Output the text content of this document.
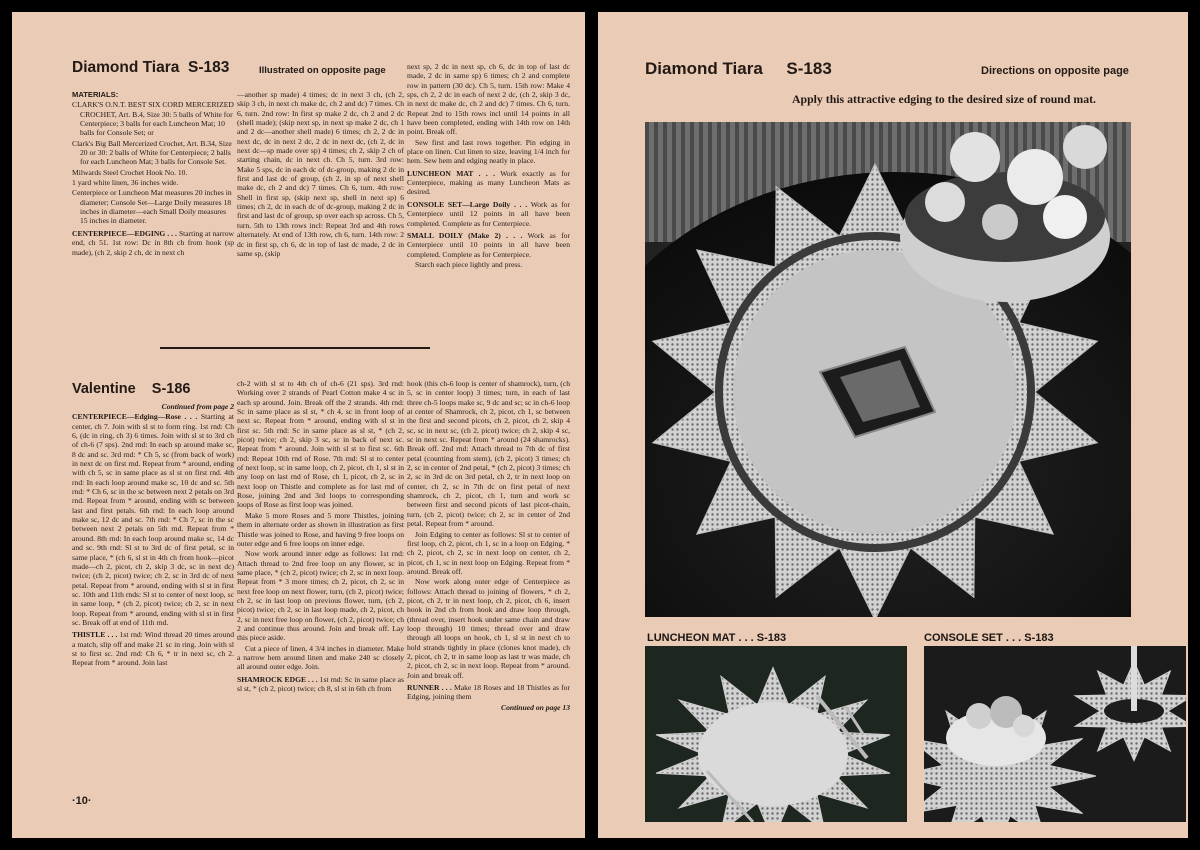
Diamond Tiara S-183	Illustrated on opposite page

MATERIALS:

CLARK'S O.N.T. BEST SIX CORD MERCERIZED CROCHET, Art. B.4, Size 30: 5 balls of White for Centerpiece; 3 balls for each Luncheon Mat; 10 balls for Console Set; or

Clark's Big Ball Mercerized Crochet, Art. B.34, Size 20 or 30: 2 balls of White for Centerpiece; 2 balls for each Luncheon Mat; 3 balls for Console Set.

Milwards Steel Crochet Hook No. 10.

1 yard white linen, 36 inches wide.

Centerpiece or Luncheon Mat measures 20 inches in diameter; Console Set—Large Doily measures 18 inches in diameter—each Small Doily measures 15 inches in diameter.

CENTERPIECE—EDGING . . . Starting at narrow end, ch 51. 1st row: Dc in 8th ch from hook (sp made), (ch 2, skip 2 ch, dc in next ch

—another sp made) 4 times; dc in next 3 ch, (ch 2, skip 3 ch, in next ch make dc, ch 2 and dc) 7 times. Ch 6, turn. 2nd row: In first sp make 2 dc, ch 2 and 2 dc (shell made); (skip next sp, in next sp make 2 dc, ch 1 and 2 dc—another shell made) 6 times; ch 2, 2 dc in next dc, dc in next 2 dc, 2 dc in next dc, (ch 2, dc in next dc—sp made over sp) 4 times; ch 2, skip 2 ch of starting chain, dc in next ch. Ch 5, turn. 3rd row: Make 5 sps, dc in each dc of dc-group, making 2 dc in first and last dc of group, (ch 2, in sp of next shell make dc, ch 2 and dc) 7 times. Ch 6, turn. 4th row: Shell in first sp, (skip next sp, shell in next sp) 6 times; ch 2, dc in each dc of dc-group, making 2 dc in first and last dc of group, sp over each sp across. Ch 5, turn. 5th to 13th rows incl: Repeat 3rd and 4th rows alternately. At end of 13th row, ch 6, turn. 14th row: 2 dc in first sp, ch 6, dc in top of last dc made, 2 dc in same sp, (skip

next sp, 2 dc in next sp, ch 6, dc in top of last dc made, 2 dc in same sp) 6 times; ch 2 and complete row in pattern (30 dc). Ch 5, turn. 15th row: Make 4 sps, ch 2, 2 dc in each of next 2 dc, (ch 2, skip 3 dc, in next dc make dc, ch 2 and dc) 7 times. Ch 6, turn. Repeat 2nd to 15th rows incl until 14 points in all have been completed, ending with 14th row on 14th point. Break off.

Sew first and last rows together. Pin edging in place on linen. Cut linen to size, leaving 1/4 inch for hem. Sew hem and edging neatly in place.

LUNCHEON MAT . . . Work exactly as for Centerpiece, making as many Luncheon Mats as desired.

CONSOLE SET—Large Doily . . . Work as for Centerpiece until 12 points in all have been completed. Complete as for Centerpiece.

SMALL DOILY (Make 2) . . . Work as for Centerpiece until 10 points in all have been completed. Complete as for Centerpiece.

Starch each piece lightly and press.

Valentine S-186

Continued from page 2

CENTERPIECE—Edging—Rose . . . Starting at center, ch 7. Join with sl st to form ring. 1st rnd: Ch 6, (dc in ring, ch 3) 6 times. Join with sl st to 3rd ch of ch-6 (7 sps). 2nd rnd: In each sp around make sc, 8 dc and sc. 3rd rnd: * Ch 5, sc (from back of work) in next dc on first rnd. Repeat from * around, ending with ch 5, sc in same place as sl st on first rnd. 4th rnd: In each loop around make sc, 10 dc and sc. 5th rnd: * Ch 6, sc in the sc between next 2 petals on 3rd rnd. Repeat from * around, ending with sc between last and first petals. 6th rnd: In each loop around make sc, 12 dc and sc. 7th rnd: * Ch 7, sc in the sc between next 2 petals on 5th rnd. Repeat from * around. 8th rnd: In each loop around make sc, 14 dc and sc. 9th rnd: Sl st to 3rd dc of first petal, sc in same place, * (ch 6, sl st in 4th ch from hook—picot made—ch 2, picot, ch 2, skip 3 dc, sc in next dc) twice; (ch 2, picot) twice; ch 2, sc in 3rd dc of next petal. Repeat from * around, ending with sl st in first sc. 10th and 11th rnds: Sl st to center of next loop, sc in same loop, * (ch 2, picot) twice; ch 2, sc in next loop. Repeat from * around, ending with sl st in first sc. Break off at end of 11th rnd.

THISTLE . . . 1st rnd: Wind thread 20 times around a match, slip off and make 21 sc in ring. Join with sl st to first sc. 2nd rnd: Ch 6, * tr in next sc, ch 2. Repeat from * around. Join last

ch-2 with sl st to 4th ch of ch-6 (21 sps). 3rd rnd: Working over 2 strands of Pearl Cotton make 4 sc in each sp around. Join. Break off the 2 strands. 4th rnd: Sc in same place as sl st, * ch 4, sc in front loop of next sc. Repeat from * around, ending with sl st in first sc. 5th rnd: Sc in same place as sl st, * (ch 2, picot) twice; ch 2, skip 3 sc, sc in back of next sc. Repeat from * around. Join with sl st to first sc. 6th rnd: Repeat 10th rnd of Rose. 7th rnd: Sl st to center of next loop, sc in same loop, ch 2, picot, ch 1, sl st in any loop on last rnd of Rose, ch 1, picot, ch 2, sc in next loop on Thistle and complete as for last rnd of Rose, joining 2nd and 3rd loops to corresponding loops of Rose as first loop was joined.

Make 5 more Roses and 5 more Thistles, joining them in alternate order as shown in illustration as first Thistle was joined to Rose, and having 9 free loops on outer edge and 6 free loops on inner edge.

Now work around inner edge as follows: 1st rnd: Attach thread to 2nd free loop on any flower, sc in same place, * (ch 2, picot) twice; ch 2, sc in next loop. Repeat from * 3 more times; ch 2, picot, ch 2, sc in next free loop on next flower, turn, (ch 2, picot) twice; ch 2, sc in last loop on previous flower, turn, (ch 2, picot) twice; ch 2, sc in last loop made, ch 2, picot, ch 2, sc in next free loop on flower, (ch 2, picot) twice; ch 2 and continue thus around. Join and break off. Lay this piece aside.

Cut a piece of linen, 4 3/4 inches in diameter. Make a narrow hem around linen and make 240 sc closely all around outer edge. Join.

SHAMROCK EDGE . . . 1st rnd: Sc in same place as sl st, * (ch 2, picot) twice; ch 8, sl st in 6th ch from

hook (this ch-6 loop is center of shamrock), turn, (ch 5, sc in center loop) 3 times; turn, in each of last three ch-5 loops make sc, 9 dc and sc; sc in ch-6 loop at center of Shamrock, ch 2, picot, ch 1, sc between the first and second picots, ch 2, picot, ch 2, skip 4 sc, sc in next sc, (ch 2, picot) twice; ch 2, skip 4 sc, sc in next sc. Repeat from * around (24 shamrocks). Break off. 2nd rnd: Attach thread to 7th dc of first petal (counting from stem), (ch 2, picot) 3 times; ch 2, sc in center of 2nd petal, * (ch 2, picot) 3 times; ch 2, sc in 3rd dc on 3rd petal, ch 2, tr in next loop on center, ch 2, sc in 7th dc on first petal of next shamrock, ch 2, picot, ch 1, turn and work sc between first and second picots of last picot-chain, turn, (ch 2, picot) twice; ch 2, sc in center of 2nd petal. Repeat from * around.

Join Edging to center as follows: Sl st to center of first loop, ch 2, picot, ch 1, sc in a loop on Edging, * ch 2, picot, ch 2, sc in next loop on center, ch 2, picot, ch 1, sc in next loop on Edging. Repeat from * around. Break off.

Now work along outer edge of Centerpiece as follows: Attach thread to joining of flowers, * ch 2, picot, ch 2, tr in next loop, ch 2, picot, ch 6, insert hook in 2nd ch from hook and draw loop through, (thread over, insert hook under same chain and draw loop through) 10 times; thread over and draw through all loops on hook, ch 1, sl st in next ch to hold strands tightly in place (clones knot made), ch 2, picot, ch 2, tr in same loop as last tr was made, ch 2, picot, ch 2, sc in next loop. Repeat from * around. Join and break off.

RUNNER . . . Make 18 Roses and 18 Thistles as for Edging, joining them

Continued on page 13

·10·
Diamond Tiara S-183	Directions on opposite page
Apply this attractive edging to the desired size of round mat.
LUNCHEON MAT . . . S-183	CONSOLE SET . . . S-183
